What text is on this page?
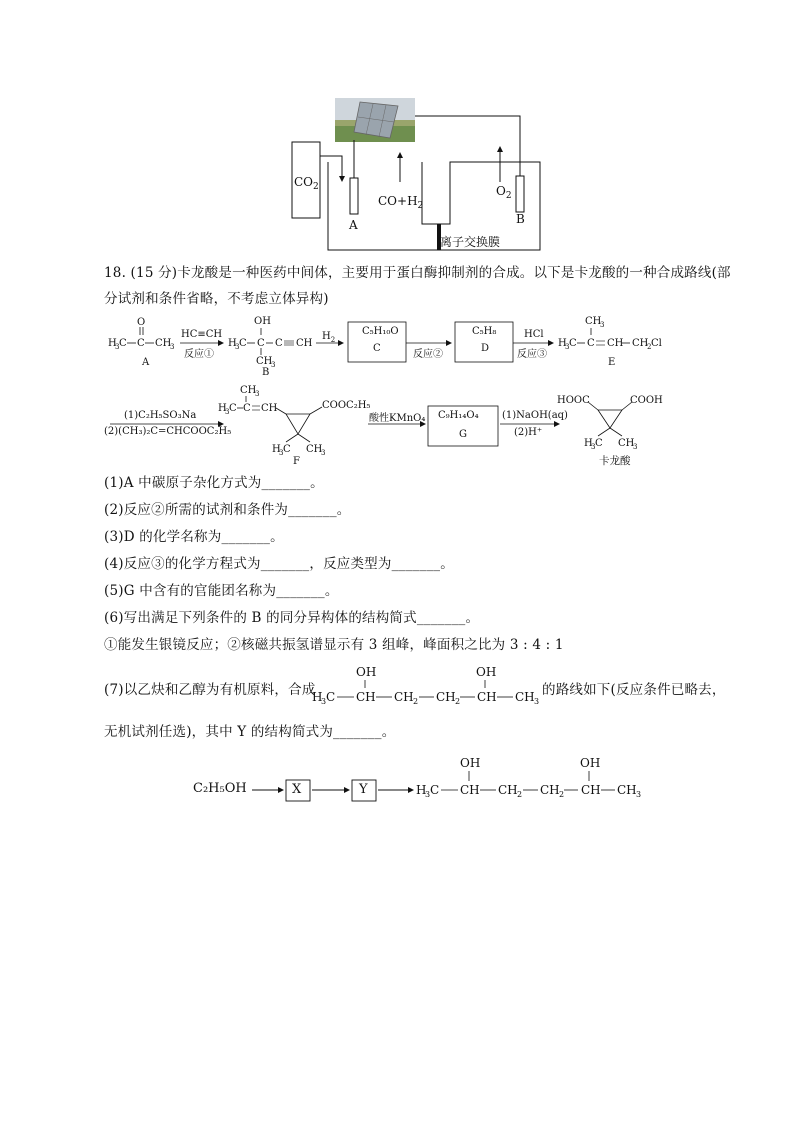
$CO_2$
$CO+H_2$
$O_2$
A	B
离子交换膜
18. (15 分)卡龙酸是一种医药中间体，主要用于蛋白酶抑制剂的合成。以下是卡龙酸的一种合成路线(部
分试剂和条件省略，不考虑立体异构)
H
3 C C
O
CH
3	H
3 C C
OH
CH
3
C CH	H
3 C C
CH
3
CH CH
2 Cl
CH
3
H
3 C C CH
H
3 C CH
3
H
3 C CH
3
A
HC≡CH
反应①
B
$H_2$
C₅H₁₀O
C
反应②
C₅H₈
D
HCl
反应③
E
(1)C₂H₅SO₃Na
(2)(CH₃)₂C=CHCOOC₂H₅
COOC₂H₅
F
酸性KMnO₄ C₉H₁₄O₄
G
(1)NaOH(aq)
(2)H⁺
HOOC	COOH
卡龙酸
(1)A 中碳原子杂化方式为_______。
(2)反应②所需的试剂和条件为_______。
(3)D 的化学名称为_______。
(4)反应③的化学方程式为_______，反应类型为_______。
(5)G 中含有的官能团名称为_______。
(6)写出满足下列条件的 B 的同分异构体的结构简式_______。
①能发生银镜反应；②核磁共振氢谱显示有 3 组峰，峰面积之比为 3 : 4 : 1
(7)以乙炔和乙醇为有机原料，合成
OH
H
3 C CH CH 2 CH 2
OH
CH CH 3
的路线如下(反应条件已略去，
无机试剂任选)，其中 Y 的结构简式为_______。
C₂H₅OH
OH
H
3 C CH CH 2 CH 2
OH
CH CH 3
X	Y
